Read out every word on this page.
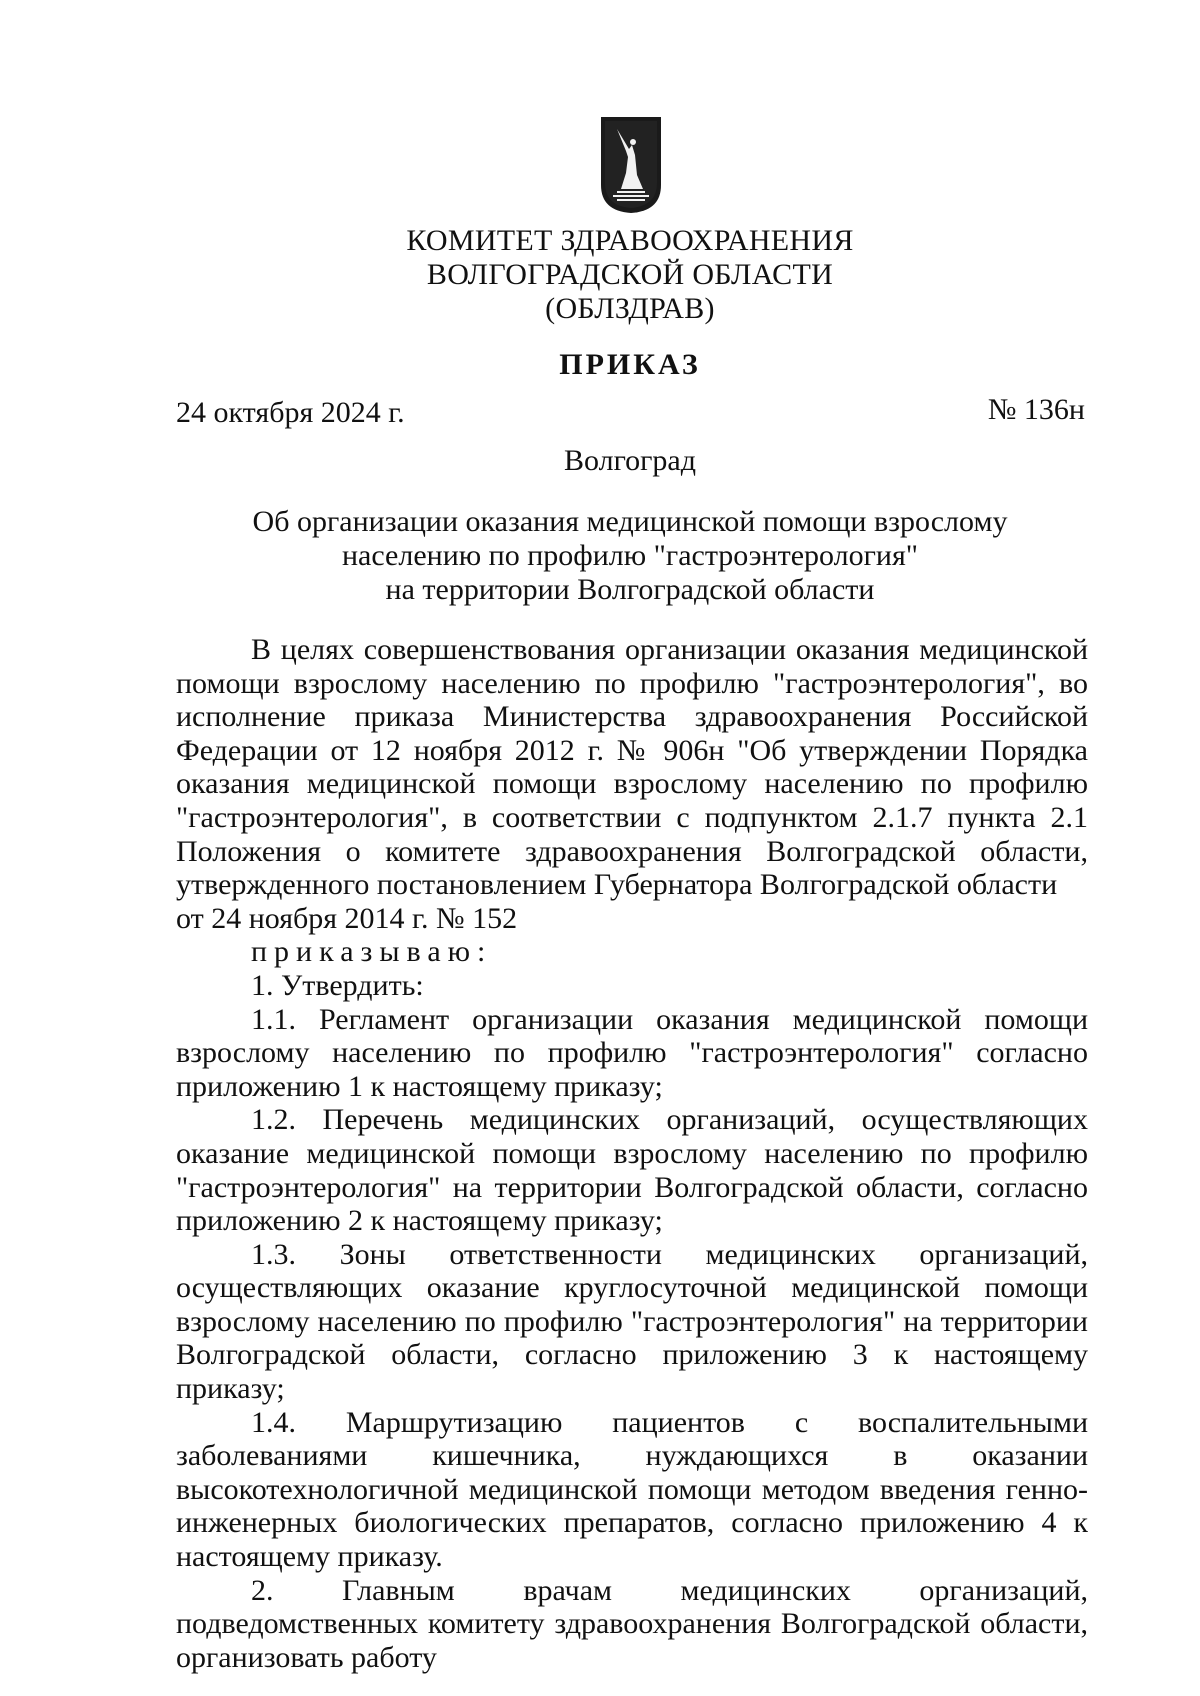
КОМИТЕТ ЗДРАВООХРАНЕНИЯ
ВОЛГОГРАДСКОЙ ОБЛАСТИ
(ОБЛЗДРАВ)
ПРИКАЗ
24 октября 2024 г.	№ 136н
Волгоград
Об организации оказания медицинской помощи взрослому
населению по профилю "гастроэнтерология"
на территории Волгоградской области

В целях совершенствования организации оказания медицинской помощи взрослому населению по профилю "гастроэнтерология", во исполнение приказа Министерства здравоохранения Российской Федерации от 12 ноября 2012 г. № 906н "Об утверждении Порядка оказания медицинской помощи взрослому населению по профилю "гастроэнтерология", в соответствии с подпунктом 2.1.7 пункта 2.1 Положения о комитете здравоохранения Волгоградской области, утвержденного постановлением Губернатора Волгоградской области

от 24 ноября 2014 г. № 152

приказываю:

1. Утвердить:

1.1. Регламент организации оказания медицинской помощи взрослому населению по профилю "гастроэнтерология" согласно приложению 1 к настоящему приказу;

1.2. Перечень медицинских организаций, осуществляющих оказание медицинской помощи взрослому населению по профилю "гастроэнтерология" на территории Волгоградской области, согласно приложению 2 к настоящему приказу;

1.3. Зоны ответственности медицинских организаций, осуществляющих оказание круглосуточной медицинской помощи взрослому населению по профилю "гастроэнтерология" на территории Волгоградской области, согласно приложению 3 к настоящему приказу;

1.4. Маршрутизацию пациентов с воспалительными заболеваниями кишечника, нуждающихся в оказании высокотехнологичной медицинской помощи методом введения генно-инженерных биологических препаратов, согласно приложению 4 к настоящему приказу.

2. Главным врачам медицинских организаций, подведомственных комитету здравоохранения Волгоградской области, организовать работу
